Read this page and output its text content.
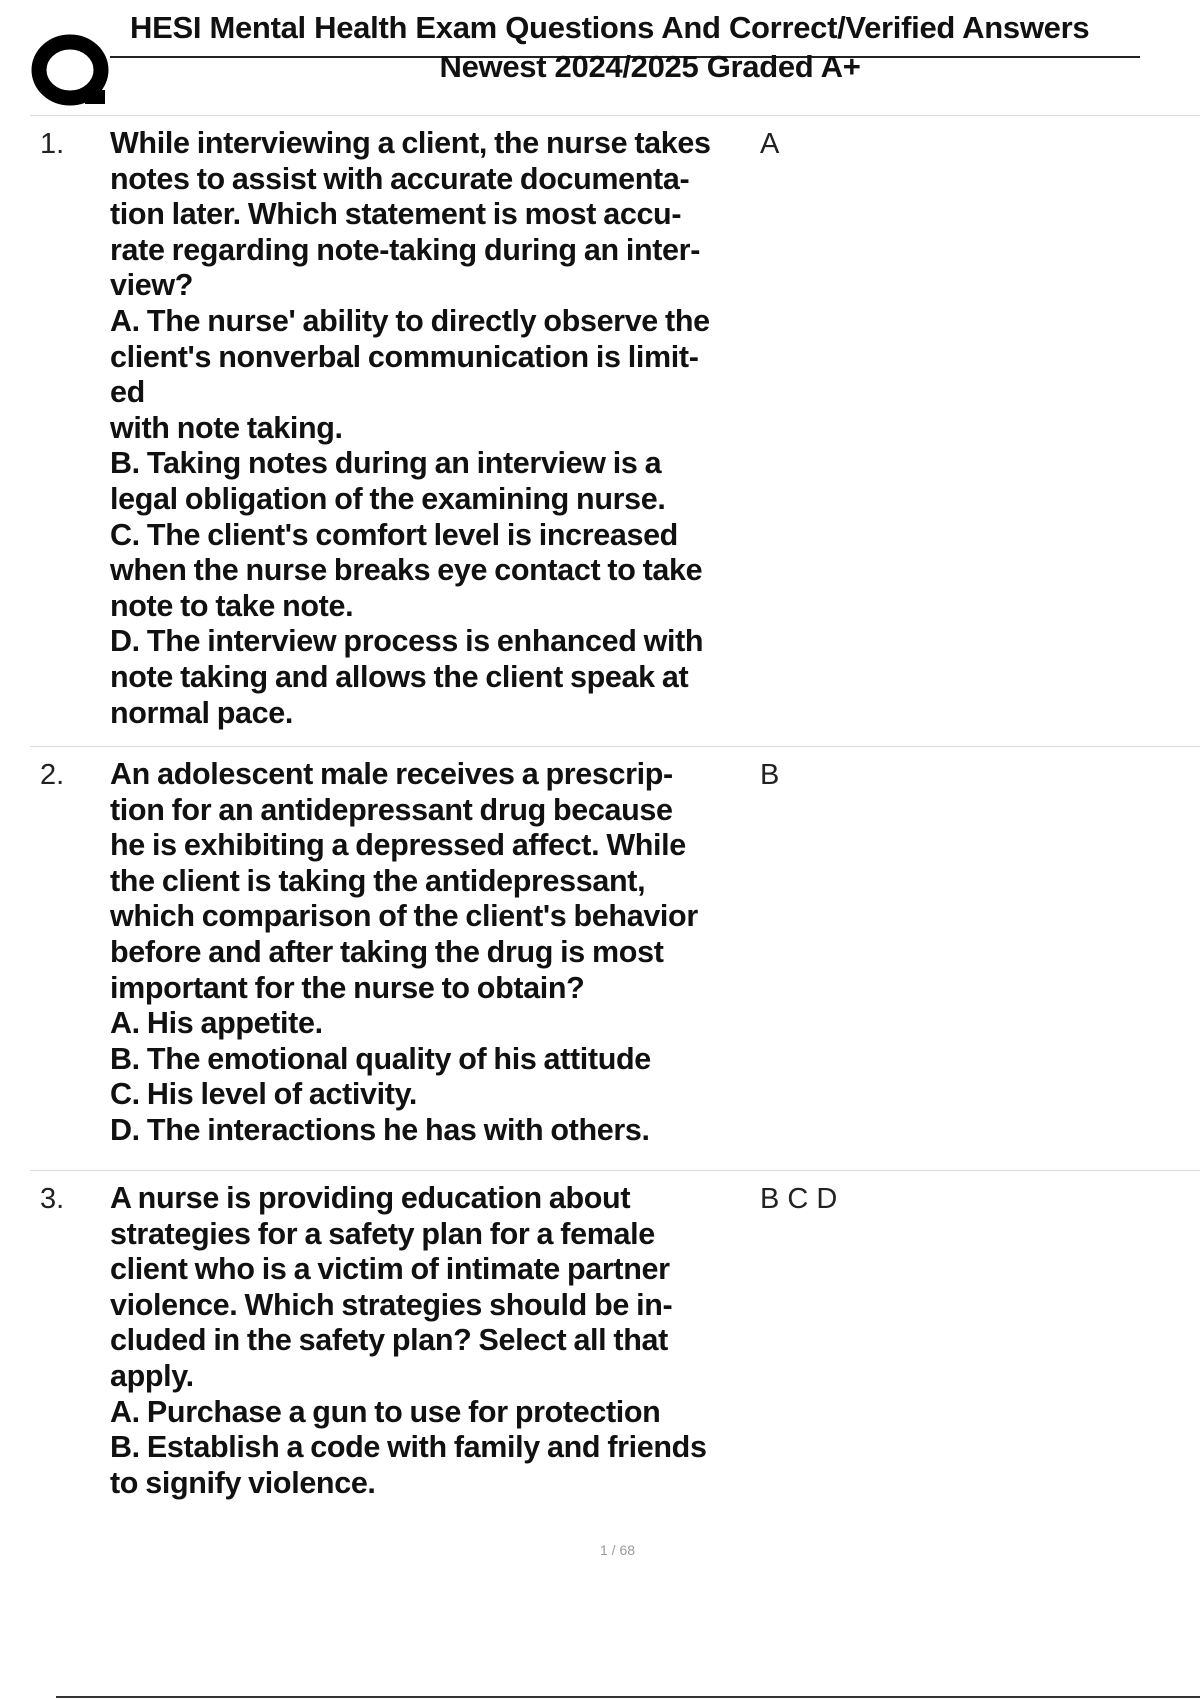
HESI Mental Health Exam Questions And Correct/Verified Answers
Newest 2024/2025 Graded A+
1. While interviewing a client, the nurse takes
notes to assist with accurate documenta-
tion later. Which statement is most accu-
rate regarding note-taking during an inter-
view?
A. The nurse' ability to directly observe the
client's nonverbal communication is limit-
ed
with note taking.
B. Taking notes during an interview is a
legal obligation of the examining nurse.
C. The client's comfort level is increased
when the nurse breaks eye contact to take
note to take note.
D. The interview process is enhanced with
note taking and allows the client speak at
normal pace.
A
2. An adolescent male receives a prescrip-
tion for an antidepressant drug because
he is exhibiting a depressed affect. While
the client is taking the antidepressant,
which comparison of the client's behavior
before and after taking the drug is most
important for the nurse to obtain?
A. His appetite.
B. The emotional quality of his attitude
C. His level of activity.
D. The interactions he has with others.
B
3. A nurse is providing education about
strategies for a safety plan for a female
client who is a victim of intimate partner
violence. Which strategies should be in-
cluded in the safety plan? Select all that
apply.
A. Purchase a gun to use for protection
B. Establish a code with family and friends
to signify violence.
B C D
1 / 68
